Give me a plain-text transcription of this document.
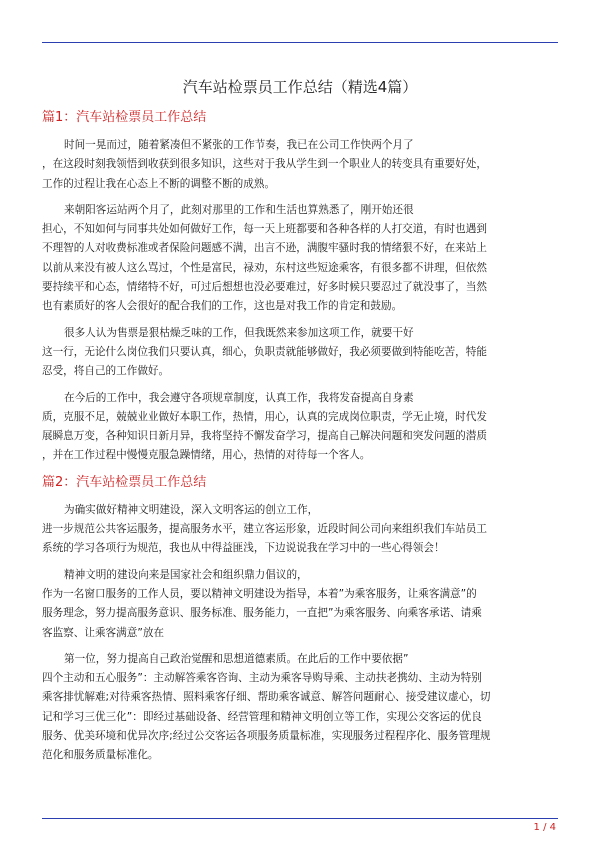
汽车站检票员工作总结（精选4篇）
篇1：汽车站检票员工作总结
时间一晃而过，随着紧凑但不紧张的工作节奏，我已在公司工作快两个月了
，在这段时刻我领悟到收获到很多知识，这些对于我从学生到一个职业人的转变具有重要好处，
工作的过程让我在心态上不断的调整不断的成熟。
来朝阳客运站两个月了，此刻对那里的工作和生活也算熟悉了，刚开始还很
担心，不知如何与同事共处如何做好工作，每一天上班都要和各种各样的人打交道，有时也遇到
不理智的人对收费标准或者保险问题感不满，出言不逊，满腹牢骚时我的情绪狠不好，在来站上
以前从来没有被人这么骂过，个性是富民，禄劝，东村这些短途乘客，有很多都不讲理，但依然
要持续平和心态，情绪特不好，可过后想想也没必要难过，好多时候只要忍过了就没事了，当然
也有素质好的客人会很好的配合我们的工作，这也是对我工作的肯定和鼓励。
很多人认为售票是狠枯燥乏味的工作，但我既然来参加这项工作，就要干好
这一行，无论什么岗位我们只要认真，细心，负职责就能够做好，我必须要做到特能吃苦，特能
忍受，将自己的工作做好。
在今后的工作中，我会遵守各项规章制度，认真工作，我将发奋提高自身素
质，克服不足，兢兢业业做好本职工作，热情，用心，认真的完成岗位职责，学无止境，时代发
展瞬息万变，各种知识日新月异，我将坚持不懈发奋学习，提高自己解决问题和突发问题的潜质
，并在工作过程中慢慢克服急躁情绪，用心，热情的对待每一个客人。
篇2：汽车站检票员工作总结
为确实做好精神文明建设，深入文明客运的创立工作，
进一步规范公共客运服务，提高服务水平，建立客运形象，近段时间公司向来组织我们车站员工
系统的学习各项行为规范，我也从中得益匪浅，下边说说我在学习中的一些心得领会！
精神文明的建设向来是国家社会和组织鼎力倡议的，
作为一名窗口服务的工作人员，要以精神文明建设为指导，本着”为乘客服务，让乘客满意”的
服务理念，努力提高服务意识、服务标准、服务能力，一直把”为乘客服务、向乘客承诺、请乘
客监察、让乘客满意”放在
第一位，努力提高自己政治觉醒和思想道德素质。在此后的工作中要依据”
四个主动和五心服务”：主动解答乘客咨询、主动为乘客导购导乘、主动扶老携幼、主动为特别
乘客排忧解难;对待乘客热情、照料乘客仔细、帮助乘客诚意、解答问题耐心、接受建议虚心，切
记和学习三优三化”：即经过基础设备、经营管理和精神文明创立等工作，实现公交客运的优良
服务、优美环境和优异次序;经过公交客运各项服务质量标准，实现服务过程程序化、服务管理规
范化和服务质量标准化。
1 / 4
